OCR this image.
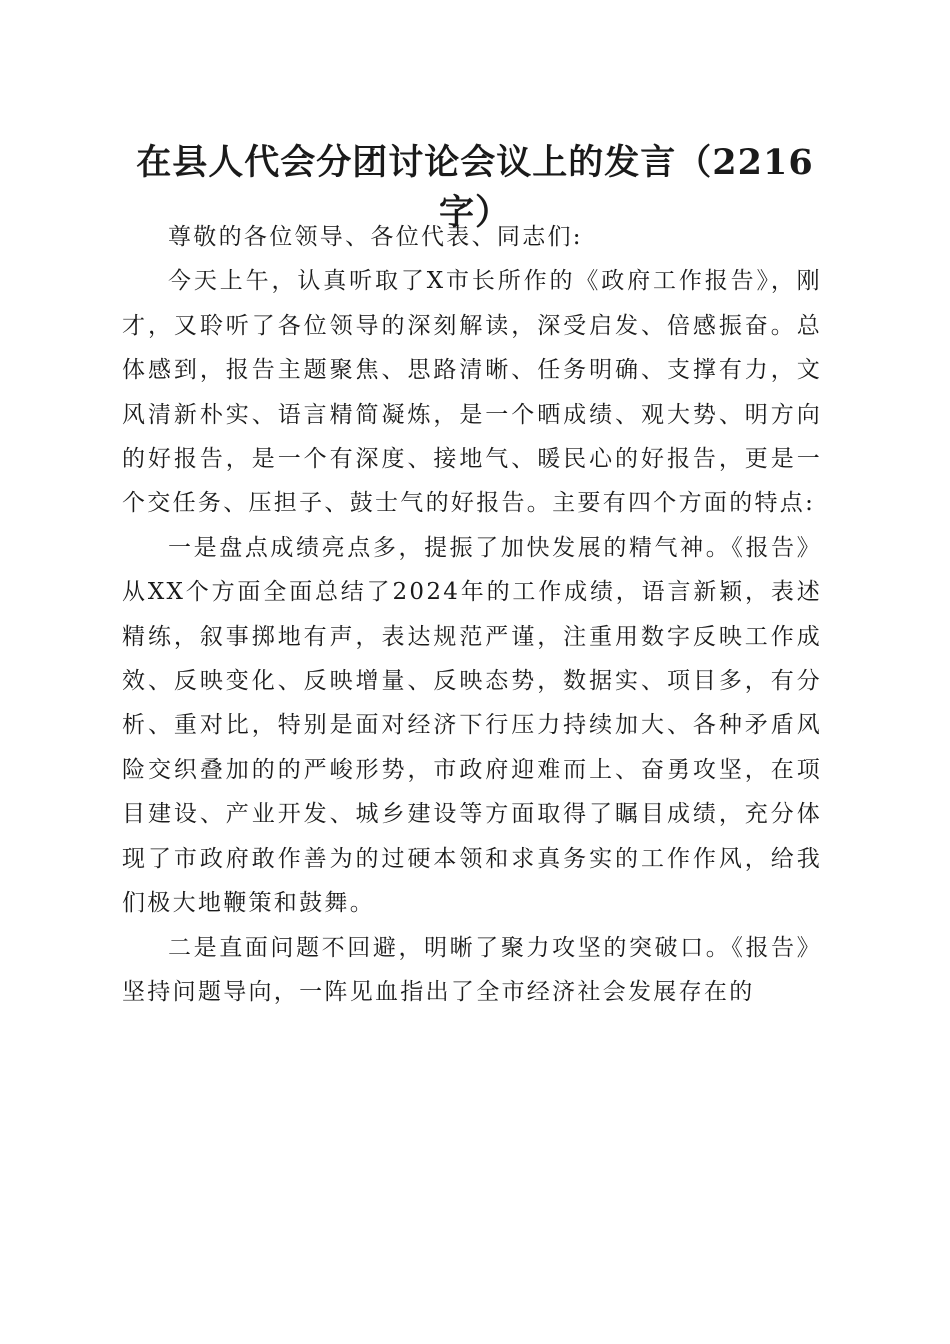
在县人代会分团讨论会议上的发言（2216字）

尊敬的各位领导、各位代表、同志们:

今天上午，认真听取了X市长所作的《政府工作报告》，刚才，又聆听了各位领导的深刻解读，深受启发、倍感振奋。总体感到，报告主题聚焦、思路清晰、任务明确、支撑有力，文风清新朴实、语言精简凝炼，是一个晒成绩、观大势、明方向的好报告，是一个有深度、接地气、暖民心的好报告，更是一个交任务、压担子、鼓士气的好报告。主要有四个方面的特点:

一是盘点成绩亮点多，提振了加快发展的精气神。《报告》从XX个方面全面总结了2024年的工作成绩，语言新颖，表述精练，叙事掷地有声，表达规范严谨，注重用数字反映工作成效、反映变化、反映增量、反映态势，数据实、项目多，有分析、重对比，特别是面对经济下行压力持续加大、各种矛盾风险交织叠加的的严峻形势，市政府迎难而上、奋勇攻坚，在项目建设、产业开发、城乡建设等方面取得了瞩目成绩，充分体现了市政府敢作善为的过硬本领和求真务实的工作作风，给我们极大地鞭策和鼓舞。

二是直面问题不回避，明晰了聚力攻坚的突破口。《报告》坚持问题导向，一阵见血指出了全市经济社会发展存在的
